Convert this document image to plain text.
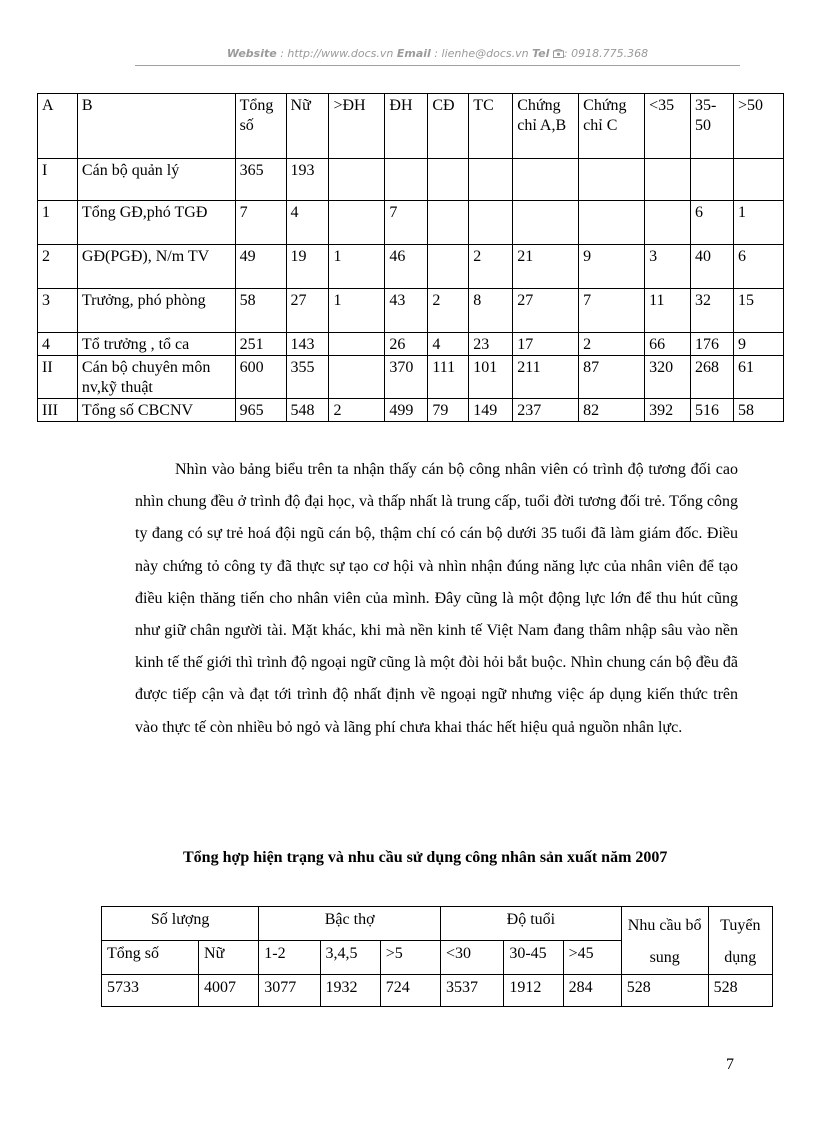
Website : http://www.docs.vn Email : lienhe@docs.vn Tel : 0918.775.368
A	B	Tổng số	Nữ	>ĐH	ĐH	CĐ	TC	Chứng chỉ A,B	Chứng chỉ C	<35	35-50	>50
I	Cán bộ quản lý	365	193									
1	Tổng GĐ,phó TGĐ	7	4		7						6	1
2	GĐ(PGĐ), N/m TV	49	19	1	46		2	21	9	3	40	6
3	Trưởng, phó phòng	58	27	1	43	2	8	27	7	11	32	15
4	Tổ trưởng , tổ ca	251	143		26	4	23	17	2	66	176	9
II	Cán bộ chuyên môn nv,kỹ thuật	600	355		370	111	101	211	87	320	268	61
III	Tổng số CBCNV	965	548	2	499	79	149	237	82	392	516	58
Nhìn vào bảng biểu trên ta nhận thấy cán bộ công nhân viên có trình độ tương đối cao nhìn chung đều ở trình độ đại học, và thấp nhất là trung cấp, tuổi đời tương đối trẻ. Tổng công ty đang có sự trẻ hoá đội ngũ cán bộ, thậm chí có cán bộ dưới 35 tuổi đã làm giám đốc. Điều này chứng tỏ công ty đã thực sự tạo cơ hội và nhìn nhận đúng năng lực của nhân viên để tạo điều kiện thăng tiến cho nhân viên của mình. Đây cũng là một động lực lớn để thu hút cũng như giữ chân người tài. Mặt khác, khi mà nền kinh tế Việt Nam đang thâm nhập sâu vào nền kinh tế thế giới thì trình độ ngoại ngữ cũng là một đòi hỏi bắt buộc. Nhìn chung cán bộ đều đã được tiếp cận và đạt tới trình độ nhất định về ngoại ngữ nhưng việc áp dụng kiến thức trên vào thực tế còn nhiều bỏ ngỏ và lãng phí chưa khai thác hết hiệu quả nguồn nhân lực.
Tổng hợp hiện trạng và nhu cầu sử dụng công nhân sản xuất năm 2007
Số lượng		Bậc thợ			Độ tuổi			Nhu cầu bổ sung	Tuyển dụng
Tổng số	Nữ	1-2	3,4,5	>5	<30	30-45	>45		
5733	4007	3077	1932	724	3537	1912	284	528	528
7
